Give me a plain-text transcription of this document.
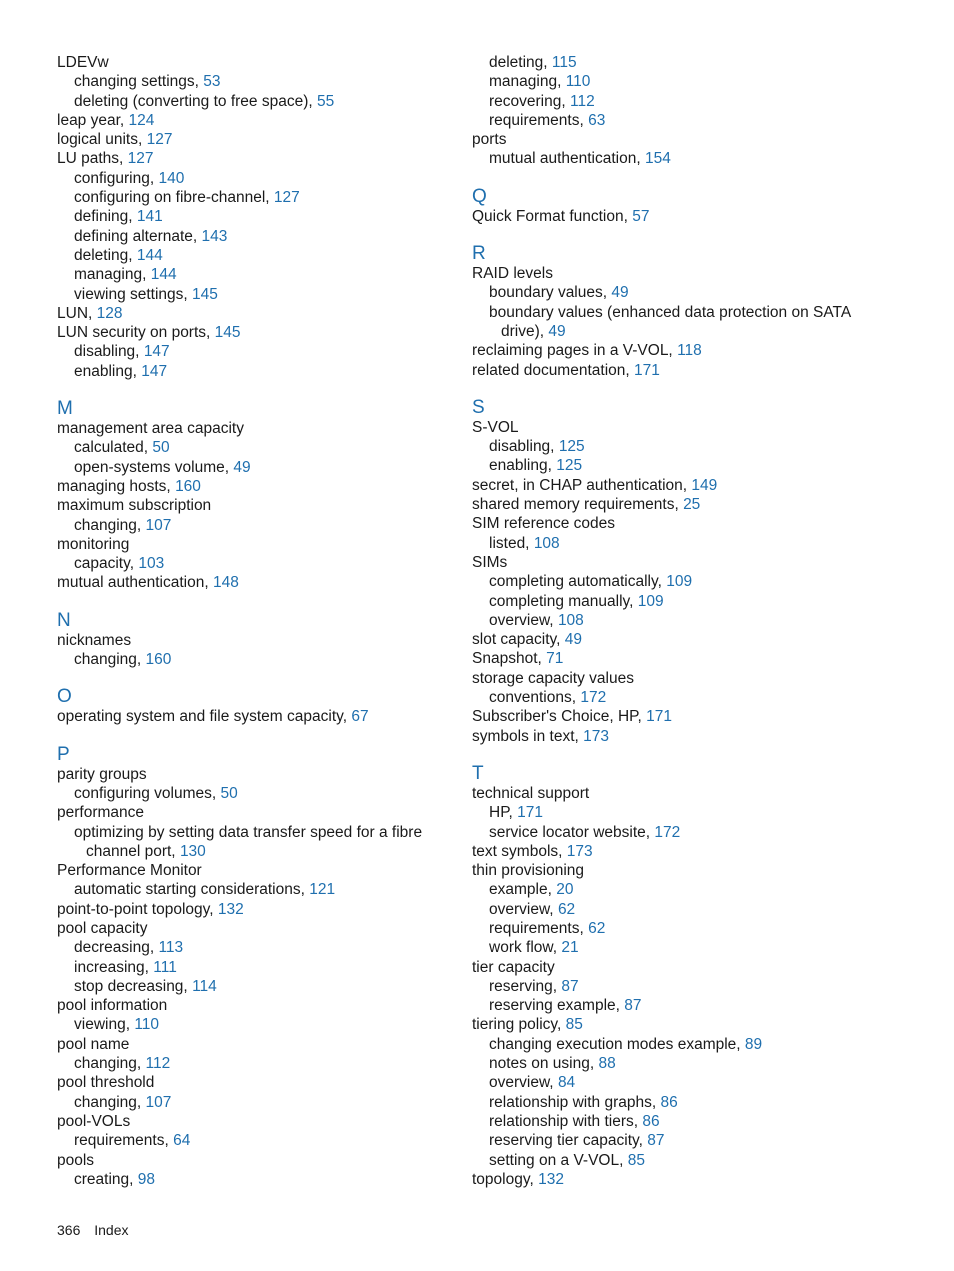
LDEVw
changing settings, 53
deleting (converting to free space), 55
leap year, 124
logical units, 127
LU paths, 127
configuring, 140
configuring on fibre-channel, 127
defining, 141
defining alternate, 143
deleting, 144
managing, 144
viewing settings, 145
LUN, 128
LUN security on ports, 145
disabling, 147
enabling, 147
M
management area capacity
calculated, 50
open-systems volume, 49
managing hosts, 160
maximum subscription
changing, 107
monitoring
capacity, 103
mutual authentication, 148
N
nicknames
changing, 160
O
operating system and file system capacity, 67
P
parity groups
configuring volumes, 50
performance
optimizing by setting data transfer speed for a fibre
channel port, 130
Performance Monitor
automatic starting considerations, 121
point-to-point topology, 132
pool capacity
decreasing, 113
increasing, 111
stop decreasing, 114
pool information
viewing, 110
pool name
changing, 112
pool threshold
changing, 107
pool-VOLs
requirements, 64
pools
creating, 98
deleting, 115
managing, 110
recovering, 112
requirements, 63
ports
mutual authentication, 154
Q
Quick Format function, 57
R
RAID levels
boundary values, 49
boundary values (enhanced data protection on SATA
drive), 49
reclaiming pages in a V-VOL, 118
related documentation, 171
S
S-VOL
disabling, 125
enabling, 125
secret, in CHAP authentication, 149
shared memory requirements, 25
SIM reference codes
listed, 108
SIMs
completing automatically, 109
completing manually, 109
overview, 108
slot capacity, 49
Snapshot, 71
storage capacity values
conventions, 172
Subscriber's Choice, HP, 171
symbols in text, 173
T
technical support
HP, 171
service locator website, 172
text symbols, 173
thin provisioning
example, 20
overview, 62
requirements, 62
work flow, 21
tier capacity
reserving, 87
reserving example, 87
tiering policy, 85
changing execution modes example, 89
notes on using, 88
overview, 84
relationship with graphs, 86
relationship with tiers, 86
reserving tier capacity, 87
setting on a V-VOL, 85
topology, 132
366 Index
